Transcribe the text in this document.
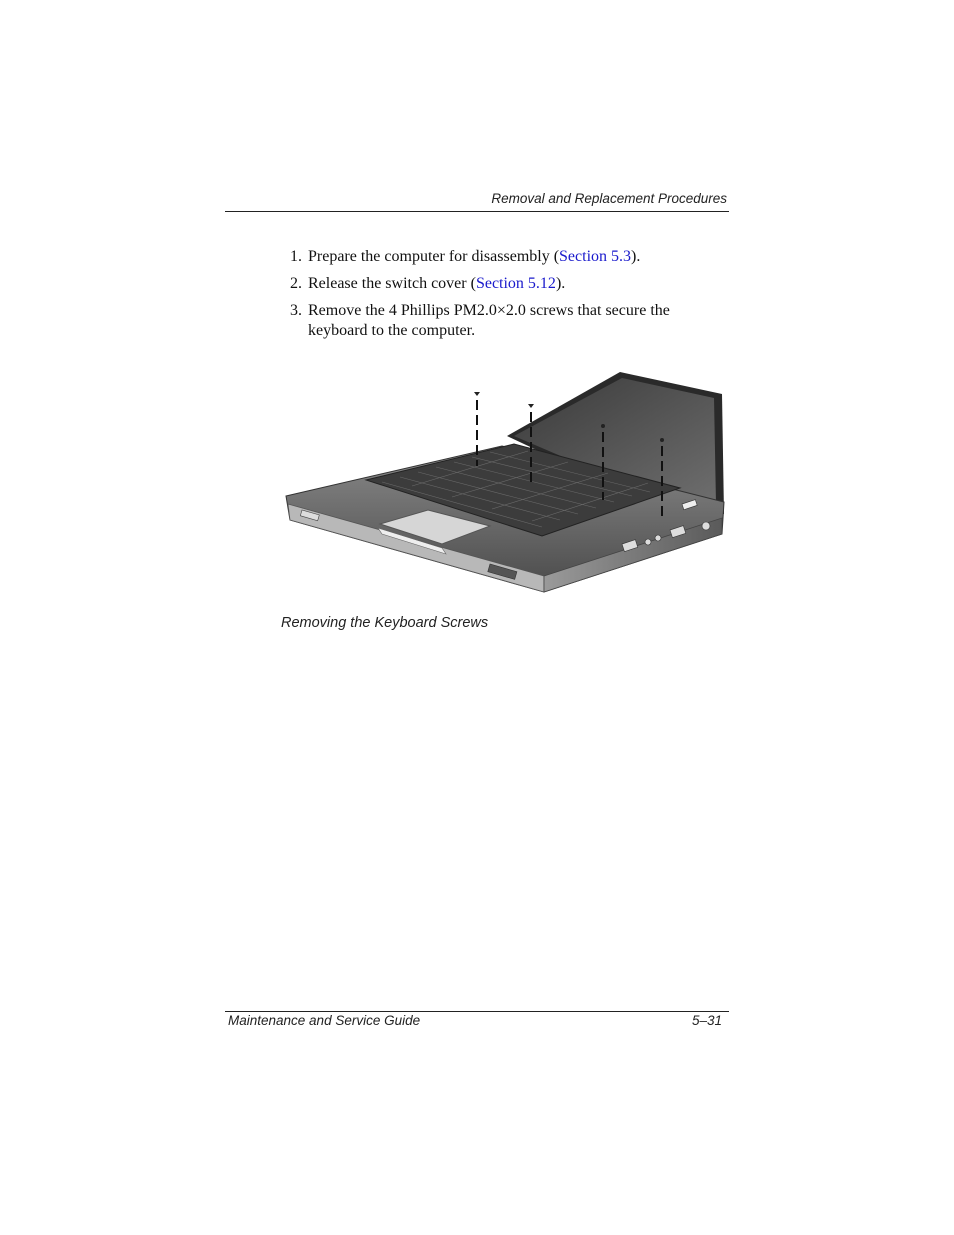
Removal and Replacement Procedures
1. Prepare the computer for disassembly (Section 5.3).
2. Release the switch cover (Section 5.12).
3. Remove the 4 Phillips PM2.0×2.0 screws that secure the keyboard to the computer.
Removing the Keyboard Screws
Maintenance and Service Guide	5–31
